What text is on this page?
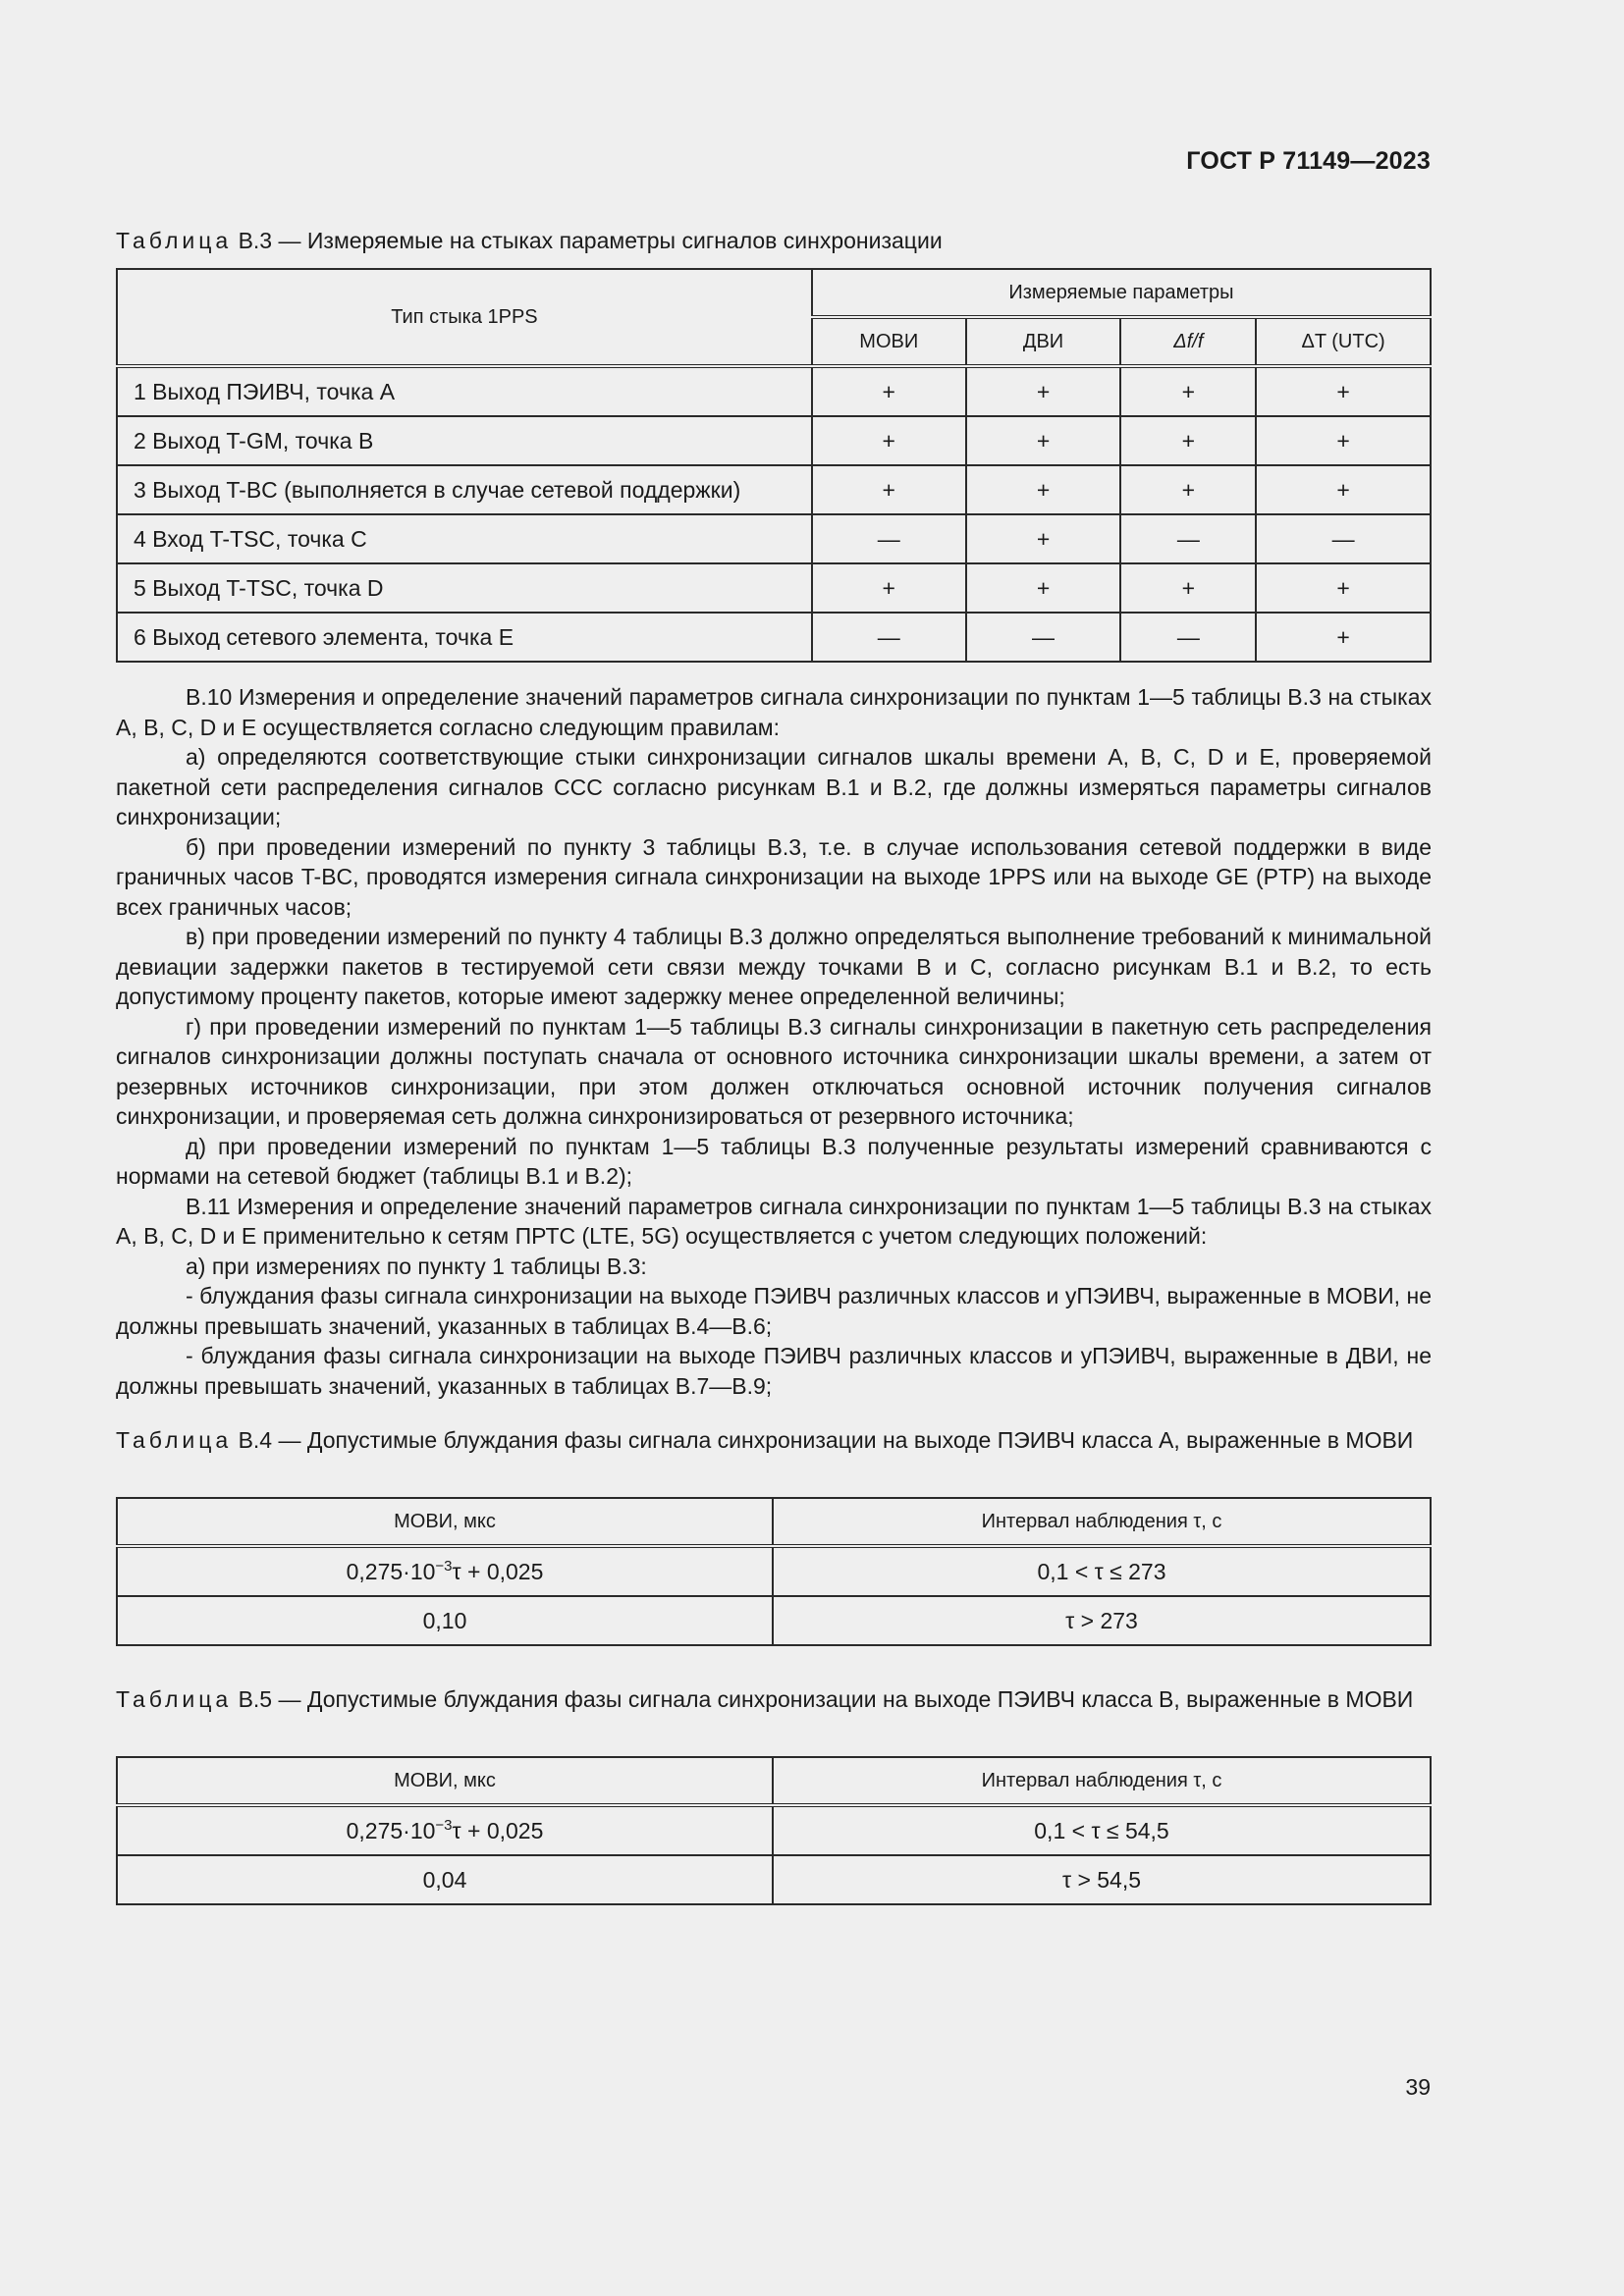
ГОСТ Р 71149—2023
Таблица В.3 — Измеряемые на стыках параметры сигналов синхронизации
Тип стыка 1PPS	Измеряемые параметры			
	МОВИ	ДВИ	Δf/f	ΔT (UTC)
1 Выход ПЭИВЧ, точка А	+	+	+	+
2 Выход T-GM, точка В	+	+	+	+
3 Выход T-BC (выполняется в случае сетевой поддержки)	+	+	+	+
4 Вход T-TSC, точка С	—	+	—	—
5 Выход T-TSC, точка D	+	+	+	+
6 Выход сетевого элемента, точка Е	—	—	—	+

В.10 Измерения и определение значений параметров сигнала синхронизации по пунктам 1—5 таблицы В.3 на стыках A, B, C, D и E осуществляется согласно следующим правилам:

а) определяются соответствующие стыки синхронизации сигналов шкалы времени A, B, C, D и E, проверяемой пакетной сети распределения сигналов ССС согласно рисункам В.1 и В.2, где должны измеряться параметры сигналов синхронизации;

б) при проведении измерений по пункту 3 таблицы В.3, т.е. в случае использования сетевой поддержки в виде граничных часов T-BC, проводятся измерения сигнала синхронизации на выходе 1PPS или на выходе GE (PTP) на выходе всех граничных часов;

в) при проведении измерений по пункту 4 таблицы В.3 должно определяться выполнение требований к минимальной девиации задержки пакетов в тестируемой сети связи между точками В и С, согласно рисункам В.1 и В.2, то есть допустимому проценту пакетов, которые имеют задержку менее определенной величины;

г) при проведении измерений по пунктам 1—5 таблицы В.3 сигналы синхронизации в пакетную сеть распределения сигналов синхронизации должны поступать сначала от основного источника синхронизации шкалы времени, а затем от резервных источников синхронизации, при этом должен отключаться основной источник получения сигналов синхронизации, и проверяемая сеть должна синхронизироваться от резервного источника;

д) при проведении измерений по пунктам 1—5 таблицы В.3 полученные результаты измерений сравниваются с нормами на сетевой бюджет (таблицы В.1 и В.2);

В.11 Измерения и определение значений параметров сигнала синхронизации по пунктам 1—5 таблицы В.3 на стыках A, B, C, D и E применительно к сетям ПРТС (LTE, 5G) осуществляется с учетом следующих положений:

а) при измерениях по пункту 1 таблицы В.3:

- блуждания фазы сигнала синхронизации на выходе ПЭИВЧ различных классов и уПЭИВЧ, выраженные в МОВИ, не должны превышать значений, указанных в таблицах В.4—В.6;

- блуждания фазы сигнала синхронизации на выходе ПЭИВЧ различных классов и уПЭИВЧ, выраженные в ДВИ, не должны превышать значений, указанных в таблицах В.7—В.9;

Таблица В.4 — Допустимые блуждания фазы сигнала синхронизации на выходе ПЭИВЧ класса А, выраженные в МОВИ
МОВИ, мкс	Интервал наблюдения τ, с
$0,275\cdot 10^{-3}\tau + 0,025$	0,1 < τ ≤ 273
0,10	τ > 273
Таблица В.5 — Допустимые блуждания фазы сигнала синхронизации на выходе ПЭИВЧ класса В, выраженные в МОВИ
МОВИ, мкс	Интервал наблюдения τ, с
$0,275\cdot 10^{-3}\tau + 0,025$	0,1 < τ ≤ 54,5
0,04	τ > 54,5
39
